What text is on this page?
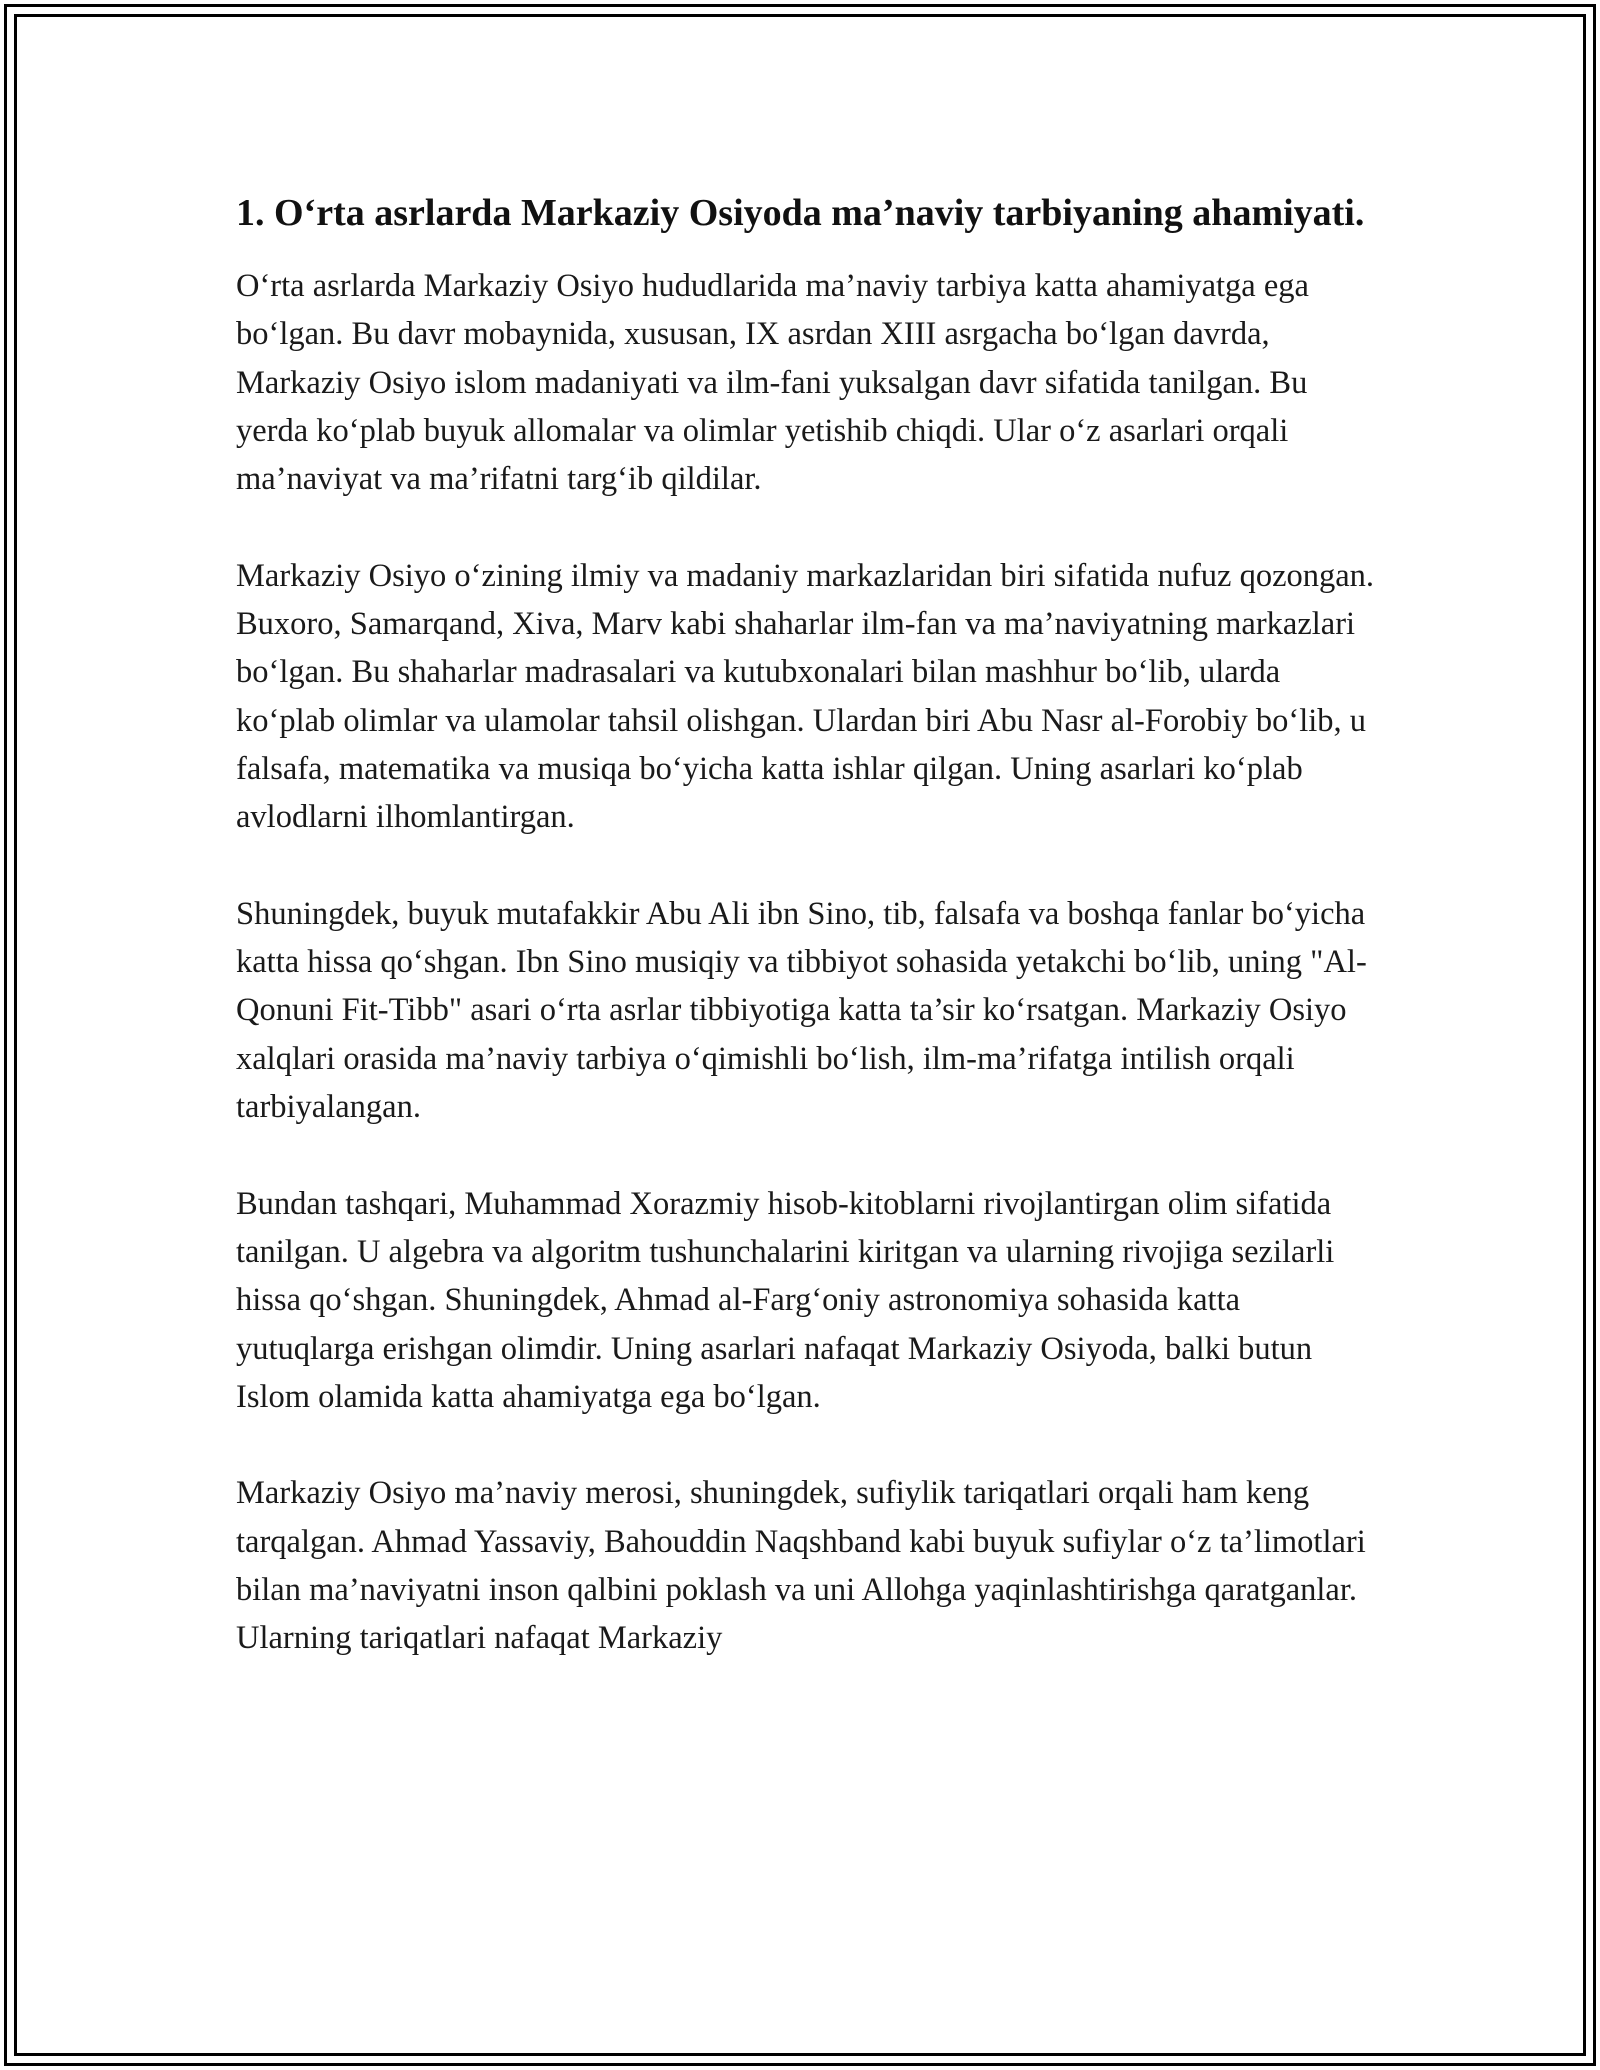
1. O‘rta asrlarda Markaziy Osiyoda ma’naviy tarbiyaning ahamiyati.

O‘rta asrlarda Markaziy Osiyo hududlarida ma’naviy tarbiya katta ahamiyatga ega bo‘lgan. Bu davr mobaynida, xususan, IX asrdan XIII asrgacha bo‘lgan davrda, Markaziy Osiyo islom madaniyati va ilm-fani yuksalgan davr sifatida tanilgan. Bu yerda ko‘plab buyuk allomalar va olimlar yetishib chiqdi. Ular o‘z asarlari orqali ma’naviyat va ma’rifatni targ‘ib qildilar.

Markaziy Osiyo o‘zining ilmiy va madaniy markazlaridan biri sifatida nufuz qozongan. Buxoro, Samarqand, Xiva, Marv kabi shaharlar ilm-fan va ma’naviyatning markazlari bo‘lgan. Bu shaharlar madrasalari va kutubxonalari bilan mashhur bo‘lib, ularda ko‘plab olimlar va ulamolar tahsil olishgan. Ulardan biri Abu Nasr al-Forobiy bo‘lib, u falsafa, matematika va musiqa bo‘yicha katta ishlar qilgan. Uning asarlari ko‘plab avlodlarni ilhomlantirgan.

Shuningdek, buyuk mutafakkir Abu Ali ibn Sino, tib, falsafa va boshqa fanlar bo‘yicha katta hissa qo‘shgan. Ibn Sino musiqiy va tibbiyot sohasida yetakchi bo‘lib, uning "Al-Qonuni Fit-Tibb" asari o‘rta asrlar tibbiyotiga katta ta’sir ko‘rsatgan. Markaziy Osiyo xalqlari orasida ma’naviy tarbiya o‘qimishli bo‘lish, ilm-ma’rifatga intilish orqali tarbiyalangan.

Bundan tashqari, Muhammad Xorazmiy hisob-kitoblarni rivojlantirgan olim sifatida tanilgan. U algebra va algoritm tushunchalarini kiritgan va ularning rivojiga sezilarli hissa qo‘shgan. Shuningdek, Ahmad al-Farg‘oniy astronomiya sohasida katta yutuqlarga erishgan olimdir. Uning asarlari nafaqat Markaziy Osiyoda, balki butun Islom olamida katta ahamiyatga ega bo‘lgan.

Markaziy Osiyo ma’naviy merosi, shuningdek, sufiylik tariqatlari orqali ham keng tarqalgan. Ahmad Yassaviy, Bahouddin Naqshband kabi buyuk sufiylar o‘z ta’limotlari bilan ma’naviyatni inson qalbini poklash va uni Allohga yaqinlashtirishga qaratganlar. Ularning tariqatlari nafaqat Markaziy
